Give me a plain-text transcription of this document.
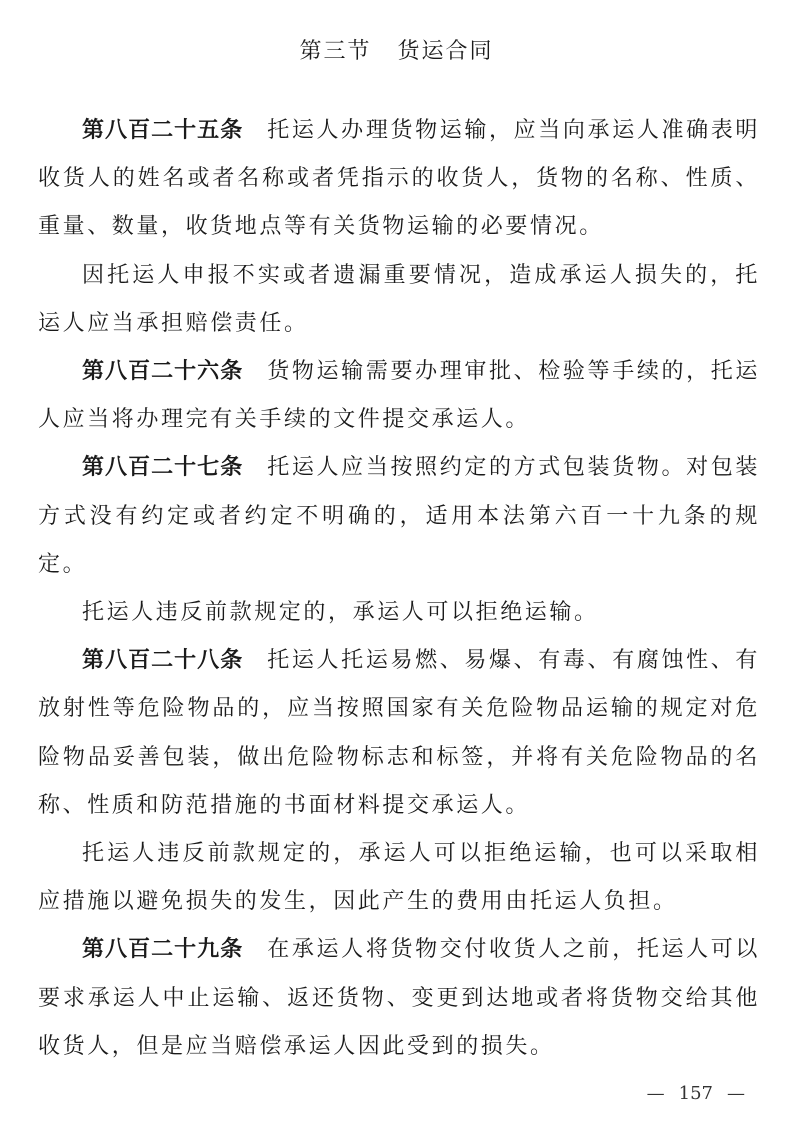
第三节 货运合同

第八百二十五条 托运人办理货物运输，应当向承运人准确表明收货人的姓名或者名称或者凭指示的收货人，货物的名称、性质、重量、数量，收货地点等有关货物运输的必要情况。

因托运人申报不实或者遗漏重要情况，造成承运人损失的，托运人应当承担赔偿责任。

第八百二十六条 货物运输需要办理审批、检验等手续的，托运人应当将办理完有关手续的文件提交承运人。

第八百二十七条 托运人应当按照约定的方式包装货物。对包装方式没有约定或者约定不明确的，适用本法第六百一十九条的规定。

托运人违反前款规定的，承运人可以拒绝运输。

第八百二十八条 托运人托运易燃、易爆、有毒、有腐蚀性、有放射性等危险物品的，应当按照国家有关危险物品运输的规定对危险物品妥善包装，做出危险物标志和标签，并将有关危险物品的名称、性质和防范措施的书面材料提交承运人。

托运人违反前款规定的，承运人可以拒绝运输，也可以采取相应措施以避免损失的发生，因此产生的费用由托运人负担。

第八百二十九条 在承运人将货物交付收货人之前，托运人可以要求承运人中止运输、返还货物、变更到达地或者将货物交给其他收货人，但是应当赔偿承运人因此受到的损失。

— 157 —
